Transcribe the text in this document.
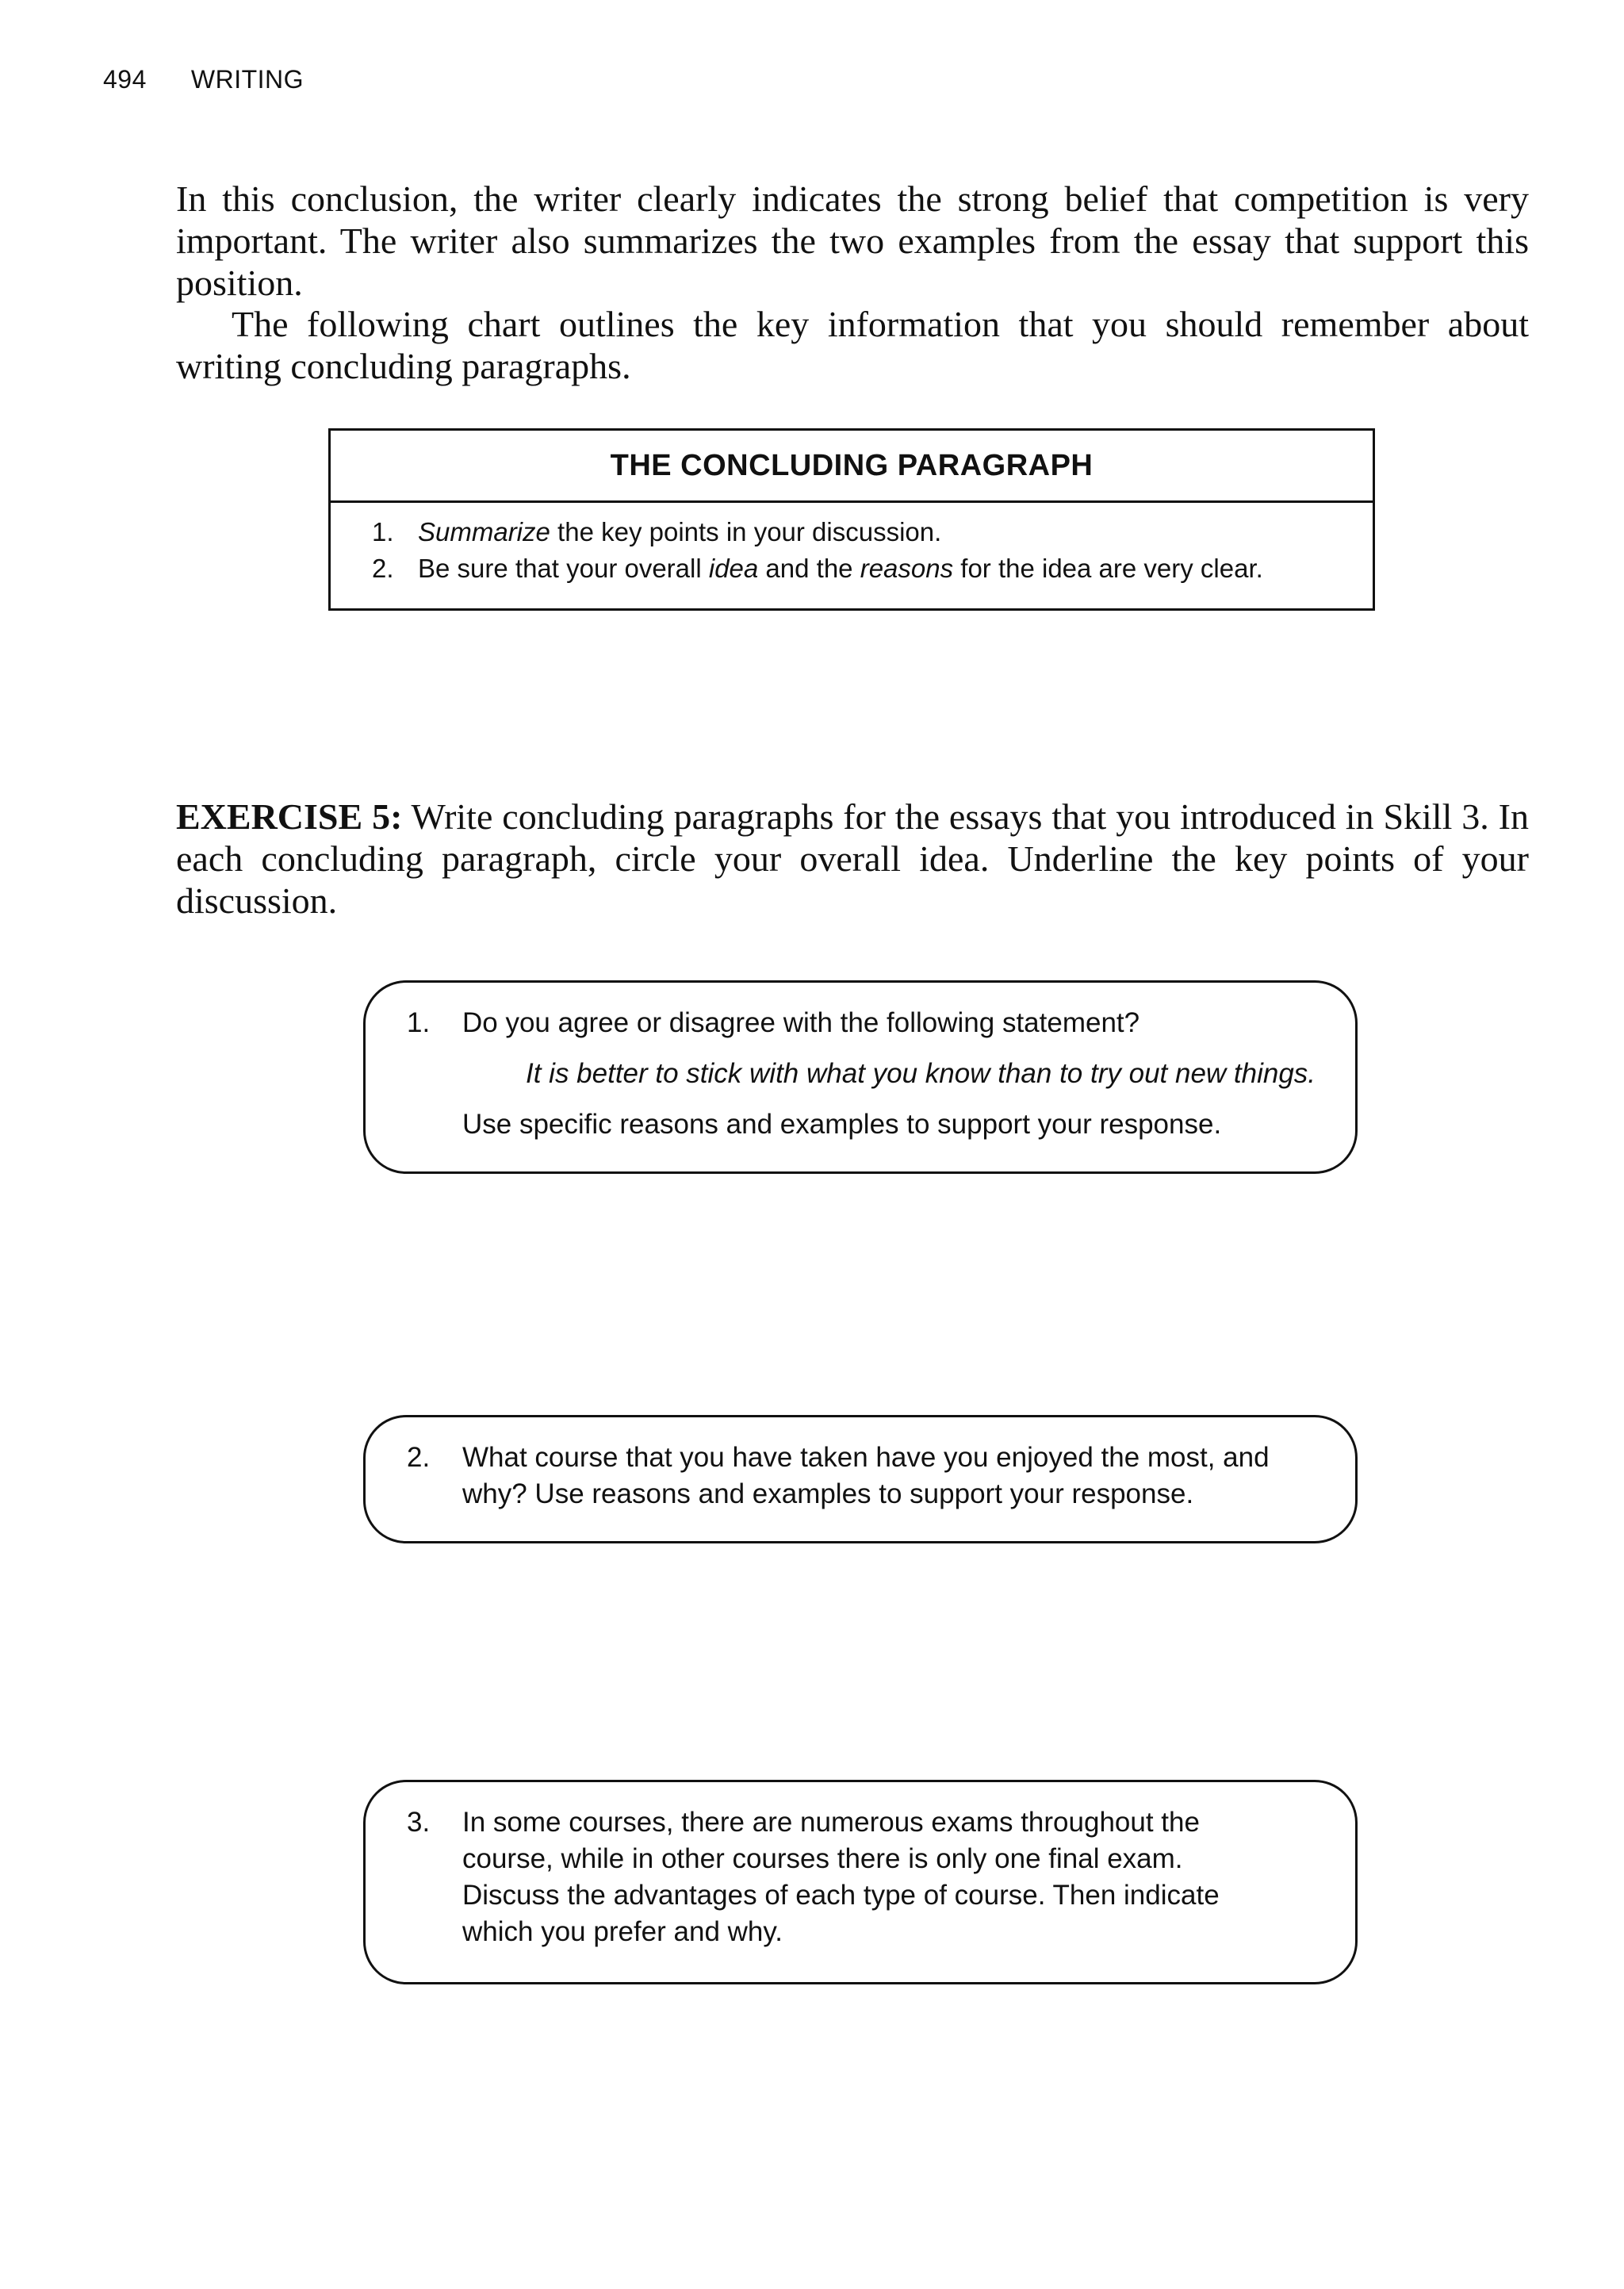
494 WRITING

In this conclusion, the writer clearly indicates the strong belief that competition is very important. The writer also summarizes the two examples from the essay that support this position.

The following chart outlines the key information that you should remember about writing concluding paragraphs.

THE CONCLUDING PARAGRAPH
1. Summarize the key points in your discussion.
2. Be sure that your overall idea and the reasons for the idea are very clear.

EXERCISE 5: Write concluding paragraphs for the essays that you introduced in Skill 3. In each concluding paragraph, circle your overall idea. Underline the key points of your discussion.

1.	Do you agree or disagree with the following statement?
It is better to stick with what you know than to try out new things.
Use specific reasons and examples to support your response.
2.	What course that you have taken have you enjoyed the most, and why? Use reasons and examples to support your response.
3.	In some courses, there are numerous exams throughout the course, while in other courses there is only one final exam. Discuss the advantages of each type of course. Then indicate which you prefer and why.
